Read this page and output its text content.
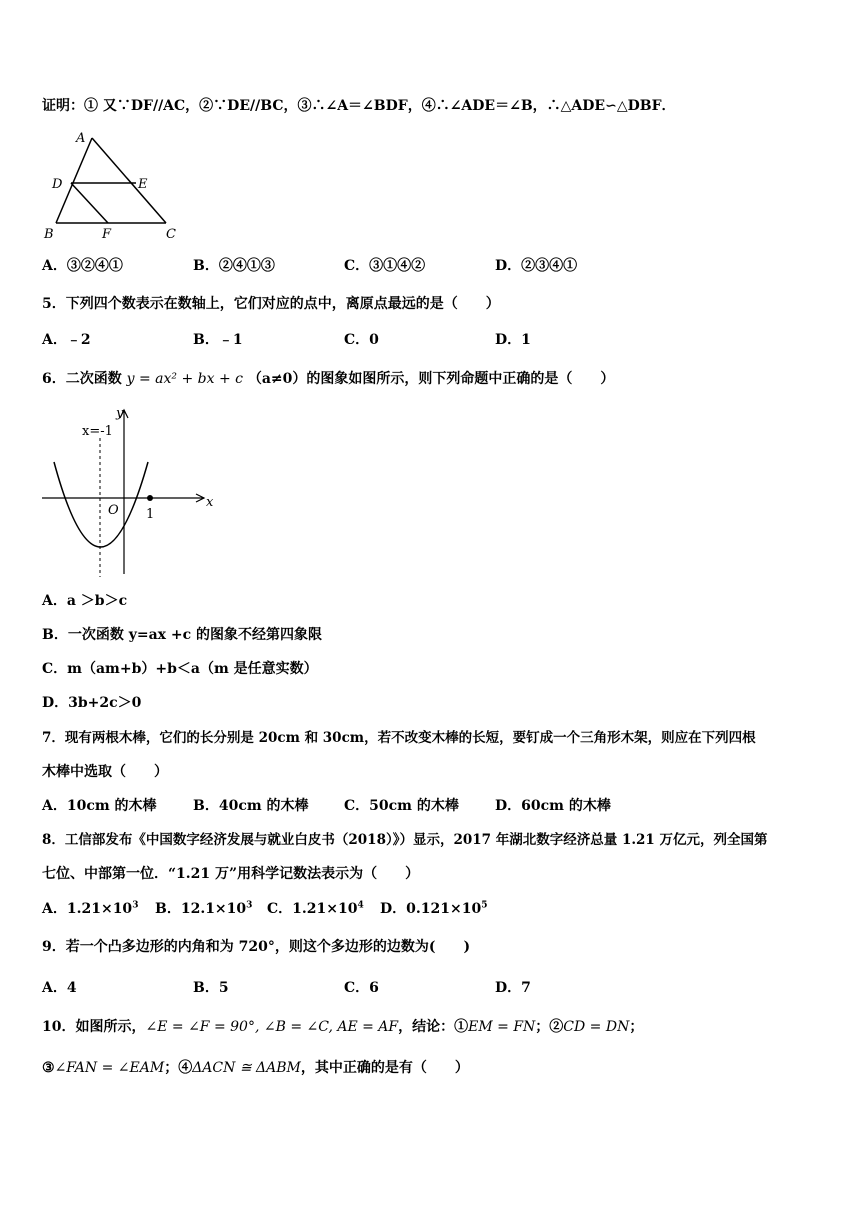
证明：① 又∵DF//AC，②∵DE//BC，③∴∠A＝∠BDF，④∴∠ADE＝∠B，∴△ADE∽△DBF．
A
D	E
B	F	C
A．③②④①	B．②④①③	C．③①④②	D．②③④①
5．下列四个数表示在数轴上，它们对应的点中，离原点最远的是（　　）
A．﹣2	B．﹣1	C．0	D．1
6．二次函数 y = ax² + bx + c （a≠0）的图象如图所示，则下列命题中正确的是（　　）
x=-1
y
x
O 1
A．a ＞b＞c
B．一次函数 y=ax +c 的图象不经第四象限
C．m（am+b）+b＜a（m 是任意实数）
D．3b+2c＞0
7．现有两根木棒，它们的长分别是 20cm 和 30cm，若不改变木棒的长短，要钉成一个三角形木架，则应在下列四根
木棒中选取（　　）
A．10cm 的木棒	B．40cm 的木棒	C．50cm 的木棒	D．60cm 的木棒
8．工信部发布《中国数字经济发展与就业白皮书（2018）》）显示，2017 年湖北数字经济总量 1.21 万亿元，列全国第
七位、中部第一位．“1.21 万”用科学记数法表示为（　　）
A．$1.21\times 10^3$ B．$12.1\times 10^3$ C．$1.21\times 10^4$ D．$0.121\times 10^5$
9．若一个凸多边形的内角和为 720°，则这个多边形的边数为(　　)
A．4	B．5	C．6	D．7
10．如图所示，∠E = ∠F = 90°, ∠B = ∠C, AE = AF，结论：①EM = FN；②CD = DN；
③∠FAN = ∠EAM；④ΔACN ≅ ΔABM，其中正确的是有（　　）
